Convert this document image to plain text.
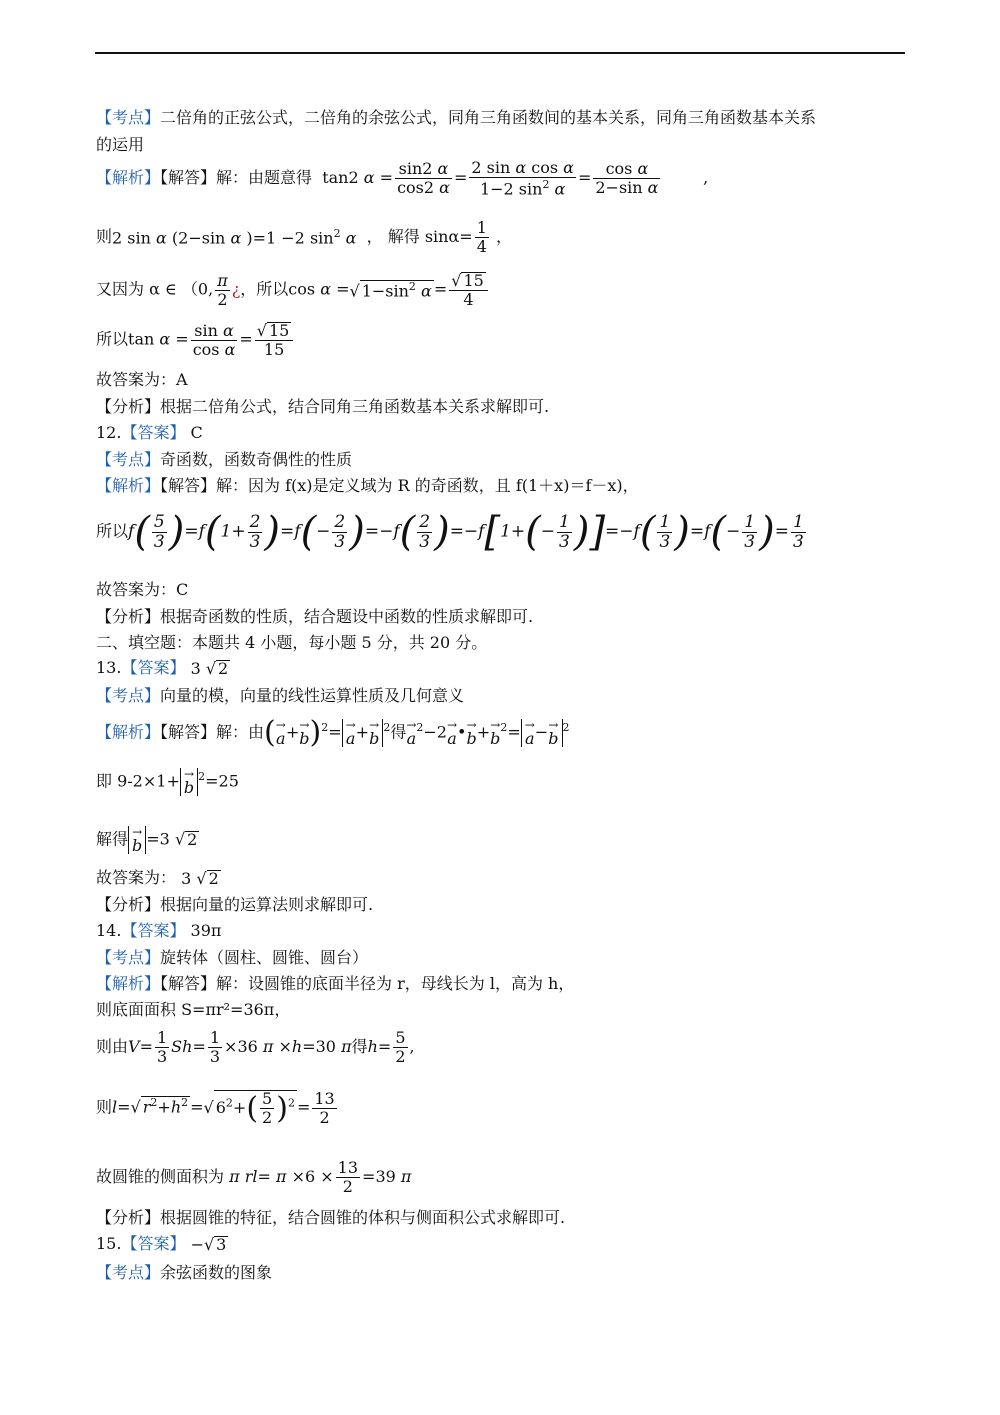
【考点】二倍角的正弦公式，二倍角的余弦公式，同角三角函数间的基本关系，同角三角函数基本关系
的运用
【解析】【解答】解：由题意得  tan2 $\alpha = \frac{\sin 2 \alpha}{\cos 2 \alpha} = \frac{\text{2 sin α cos α}}{1-2 \sin^2 \alpha} = \frac{\text{cos α}}{\text{2−sin α}}$ ,
则2 sin α (2−sin α )=1 −2 $\sin^2 \alpha$ ， 解得 $\sin\alpha= \frac{1}{4}$ ，
又因为 α ∈ （0, $\frac{\pi}{2}$ ¿，所以cos α =√ $1-\sin^2$ $\alpha = \frac{√ 15}{4}$
所以$\tan \alpha = \frac{\text{sin α}}{\text{cos α}} = \frac{√ 15}{15}$
故答案为：A
【分析】根据二倍角公式，结合同角三角函数基本关系求解即可.
12.【答案】 C
【考点】奇函数，函数奇偶性的性质
【解析】【解答】解：因为 f(x)是定义域为 R 的奇函数，且 f(1＋x)＝f－x)，
所以$f( \frac{5}{3} )=f(1+ \frac{2}{3} )=f(- \frac{2}{3} )=-f( \frac{2}{3} )=-f[1+(- \frac{1}{3} )]=-f( \frac{1}{3} )=f(- \frac{1}{3}$ )= $\frac{1}{3}$
故答案为：C
【分析】根据奇函数的性质，结合题设中函数的性质求解即可.
二、填空题：本题共 4 小题，每小题 5 分，共 20 分。
13.【答案】 3 √ 2
【考点】向量的模，向量的线性运算性质及几何意义
【解析】【解答】解：由( →
a + →
b )$^2$= →
a + →
b
$^2$得 →
a
$^2$−2 →
a • →
b + →
b
$^2$= →
a − →
b
$^2$
即 9-2×1+ →
b
$^2$=25
解得 →
b =3 √ 2
故答案为： 3 √ 2
【分析】根据向量的运算法则求解即可.
14.【答案】 39π
【考点】旋转体（圆柱、圆锥、圆台）
【解析】【解答】解：设圆锥的底面半径为 r，母线长为 l，高为 h，
则底面面积 S=πr²=36π，
则由$V= \frac{1}{3} Sh= \frac{1}{3} \times 36$ π ×h=30 π得$h= \frac{5}{2}$ ,
则l=√ $r^2+h^2$ =√ $6^2+( \frac{5}{2} )^2 = \frac{13}{2}$
故圆锥的侧面积为 π $rl= \pi \times 6 \times \frac{13}{2} =39$ π
【分析】根据圆锥的特征，结合圆锥的体积与侧面积公式求解即可.
15.【答案】 −√ 3
【考点】余弦函数的图象
